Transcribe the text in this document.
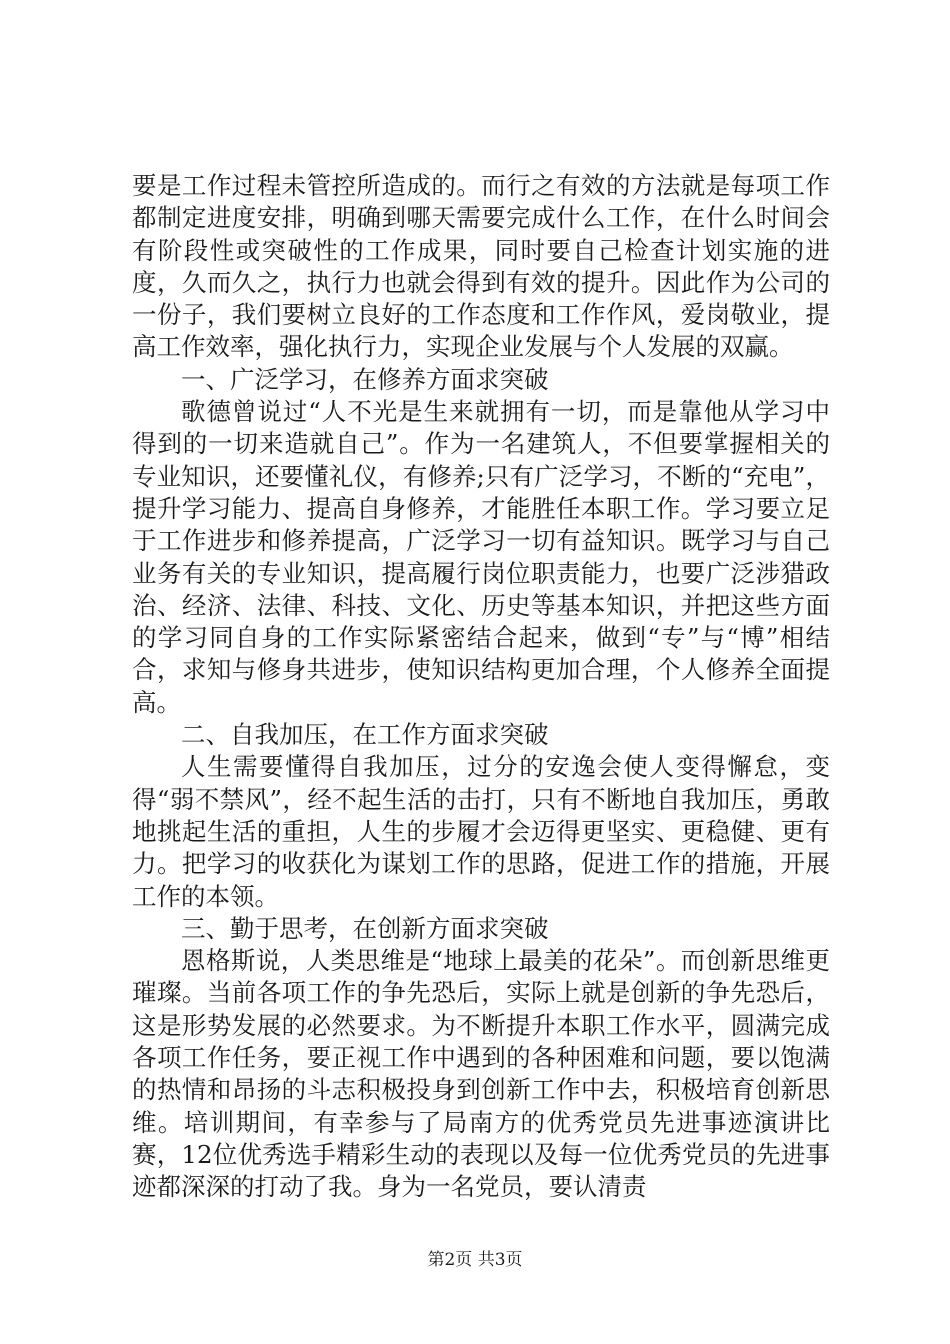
要是工作过程未管控所造成的。而行之有效的方法就是每项工作都制定进度安排，明确到哪天需要完成什么工作，在什么时间会有阶段性或突破性的工作成果，同时要自己检查计划实施的进度，久而久之，执行力也就会得到有效的提升。因此作为公司的一份子，我们要树立良好的工作态度和工作作风，爱岗敬业，提高工作效率，强化执行力，实现企业发展与个人发展的双赢。

一、广泛学习，在修养方面求突破

歌德曾说过“人不光是生来就拥有一切，而是靠他从学习中得到的一切来造就自己”。作为一名建筑人，不但要掌握相关的专业知识，还要懂礼仪，有修养;只有广泛学习，不断的“充电”，提升学习能力、提高自身修养，才能胜任本职工作。学习要立足于工作进步和修养提高，广泛学习一切有益知识。既学习与自己业务有关的专业知识，提高履行岗位职责能力，也要广泛涉猎政治、经济、法律、科技、文化、历史等基本知识，并把这些方面的学习同自身的工作实际紧密结合起来，做到“专”与“博”相结合，求知与修身共进步，使知识结构更加合理，个人修养全面提高。

二、自我加压，在工作方面求突破

人生需要懂得自我加压，过分的安逸会使人变得懈怠，变得“弱不禁风”，经不起生活的击打，只有不断地自我加压，勇敢地挑起生活的重担，人生的步履才会迈得更坚实、更稳健、更有力。把学习的收获化为谋划工作的思路，促进工作的措施，开展工作的本领。

三、勤于思考，在创新方面求突破

恩格斯说，人类思维是“地球上最美的花朵”。而创新思维更璀璨。当前各项工作的争先恐后，实际上就是创新的争先恐后，这是形势发展的必然要求。为不断提升本职工作水平，圆满完成各项工作任务，要正视工作中遇到的各种困难和问题，要以饱满的热情和昂扬的斗志积极投身到创新工作中去，积极培育创新思维。培训期间，有幸参与了局南方的优秀党员先进事迹演讲比赛，12位优秀选手精彩生动的表现以及每一位优秀党员的先进事迹都深深的打动了我。身为一名党员，要认清责

第2页 共3页
